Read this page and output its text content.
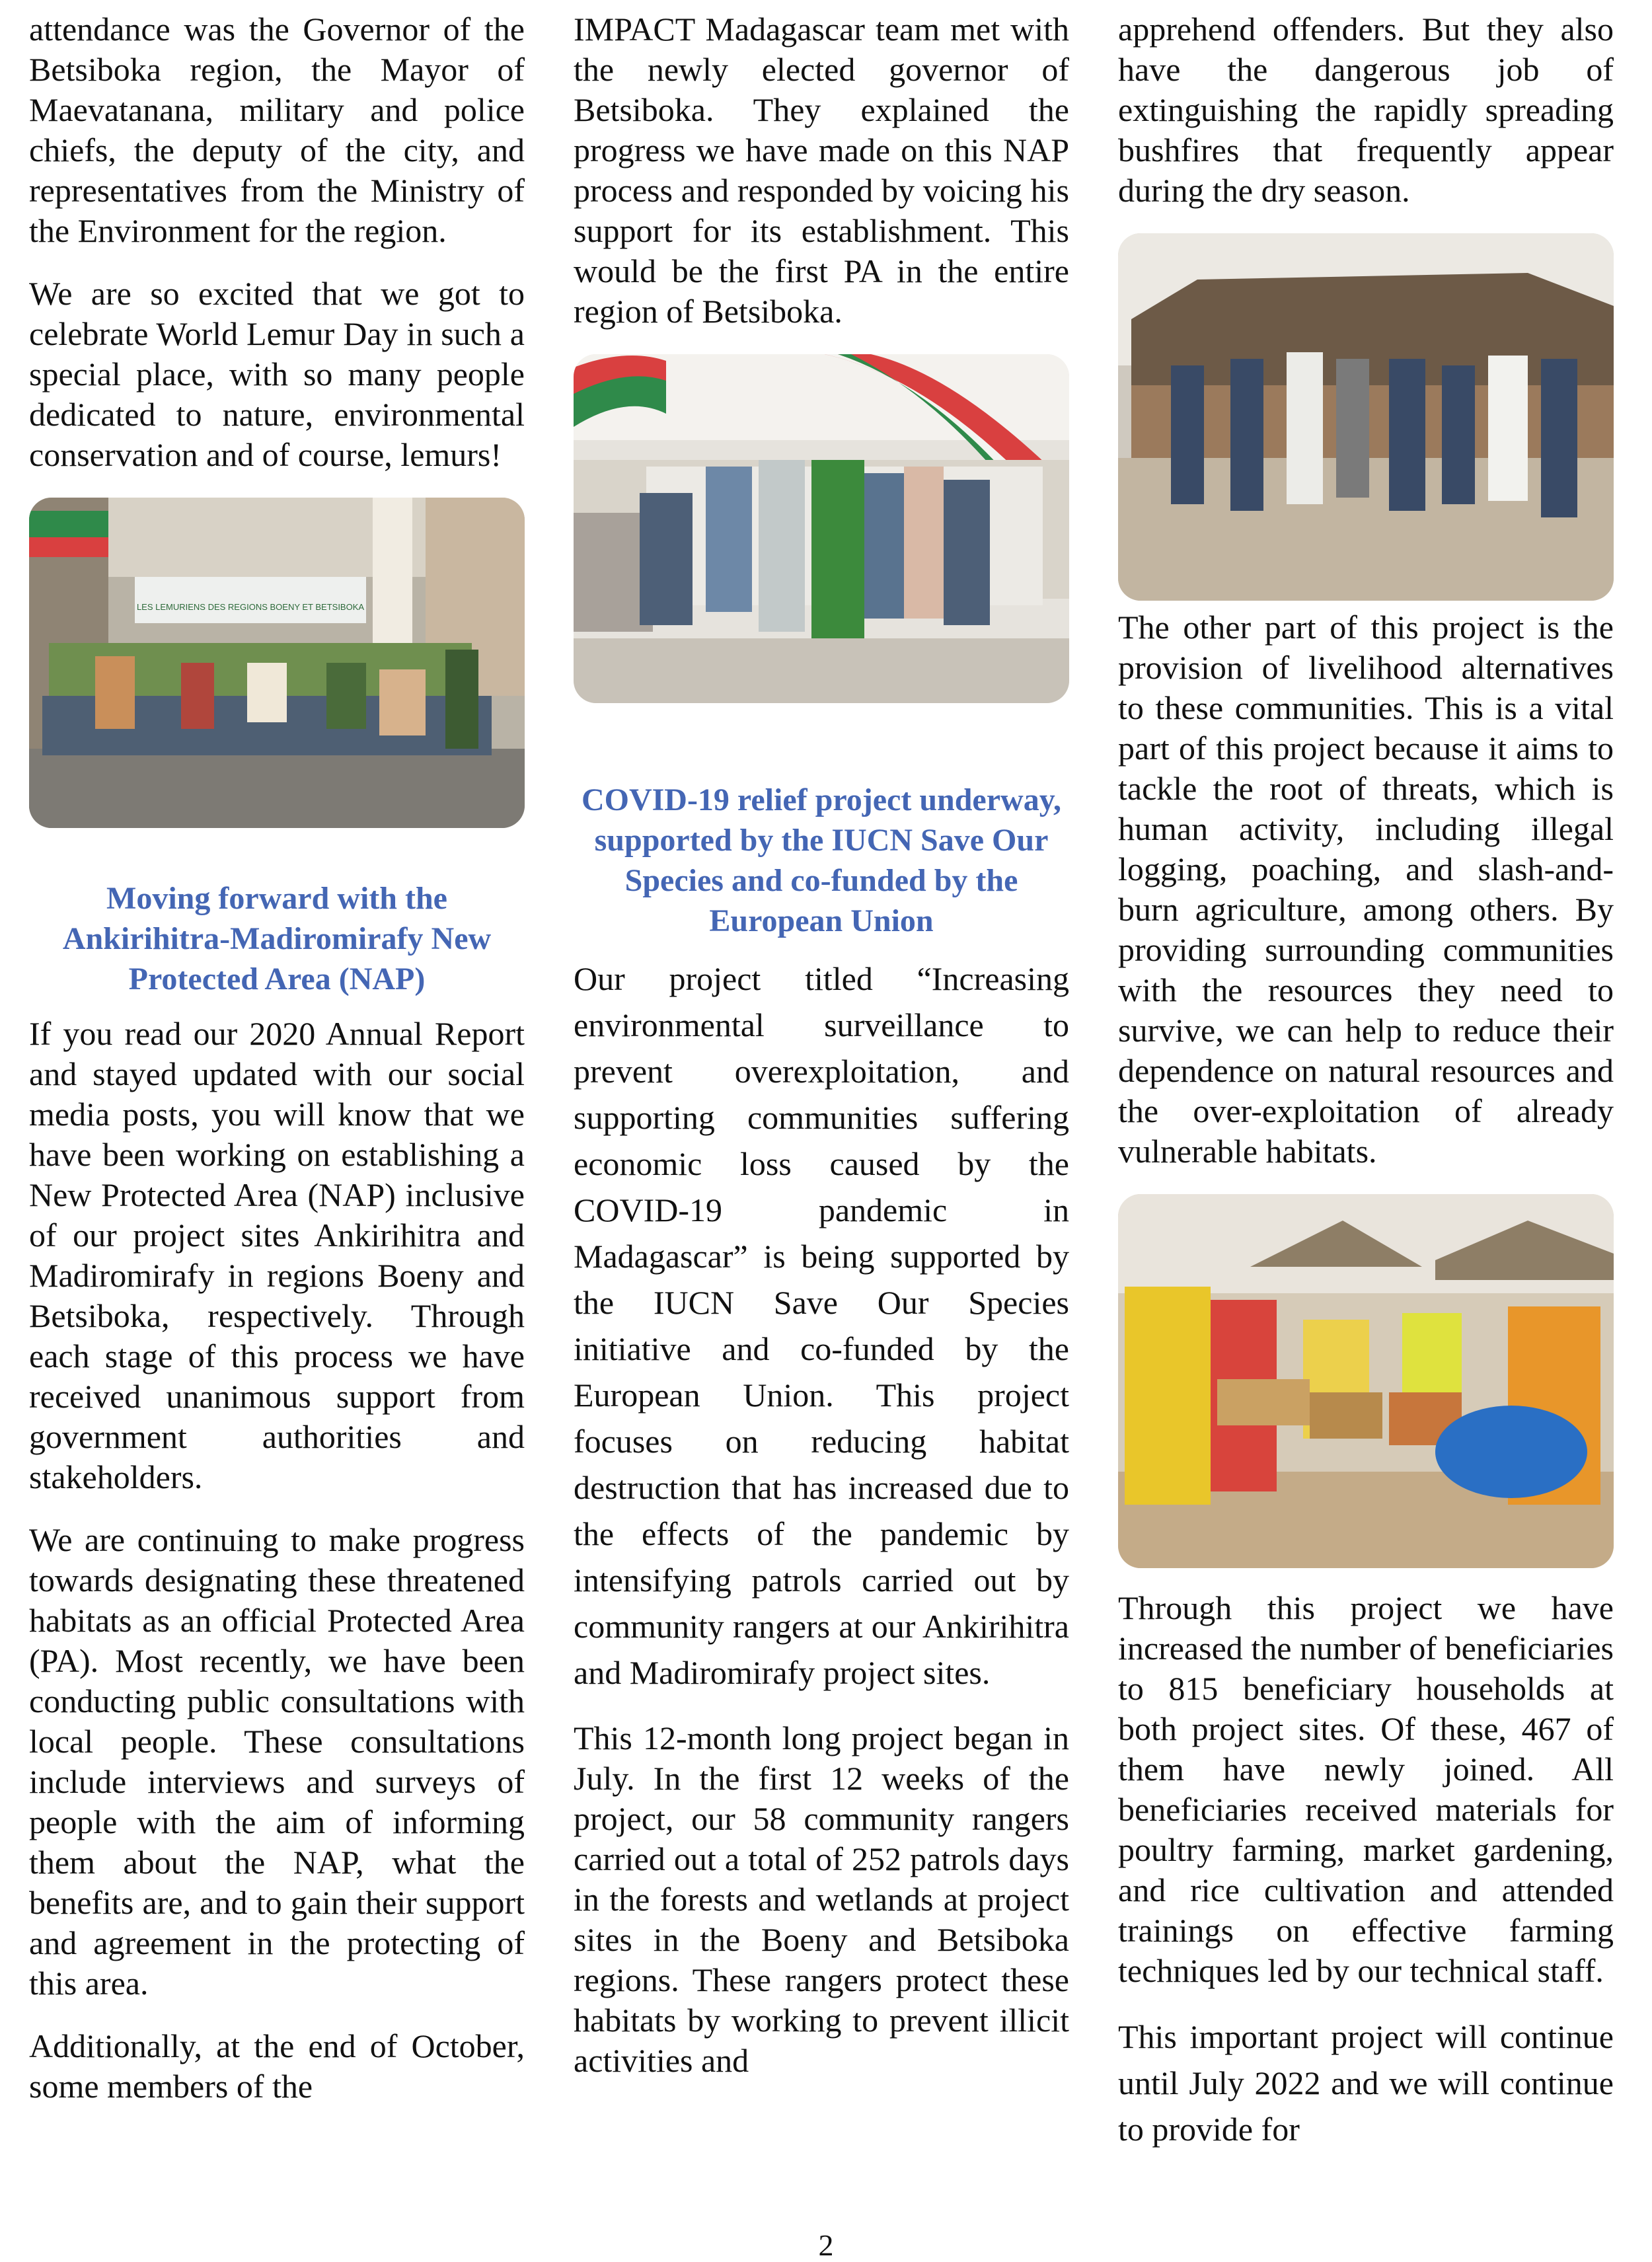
attendance was the Governor of the Betsiboka region, the Mayor of Maevatanana, military and police chiefs, the deputy of the city, and representatives from the Ministry of the Environment for the region.

We are so excited that we got to celebrate World Lemur Day in such a special place, with so many people dedicated to nature, environmental conservation and of course, lemurs!

LES LEMURIENS DES REGIONS BOENY ET BETSIBOKA
Moving forward with the Ankirihitra-Madiromirafy New Protected Area (NAP)

If you read our 2020 Annual Report and stayed updated with our social media posts, you will know that we have been working on establishing a New Protected Area (NAP) inclusive of our project sites Ankirihitra and Madiromirafy in regions Boeny and Betsiboka, respectively. Through each stage of this process we have received unanimous support from government authorities and stakeholders.

We are continuing to make progress towards designating these threatened habitats as an official Protected Area (PA). Most recently, we have been conducting public consultations with local people. These consultations include interviews and surveys of people with the aim of informing them about the NAP, what the benefits are, and to gain their support and agreement in the protecting of this area.

Additionally, at the end of October, some members of the

IMPACT Madagascar team met with the newly elected governor of Betsiboka. They explained the progress we have made on this NAP process and responded by voicing his support for its establishment. This would be the first PA in the entire region of Betsiboka.

COVID-19 relief project underway, supported by the IUCN Save Our Species and co-funded by the European Union

Our project titled “Increasing environmental surveillance to prevent overexploitation, and supporting communities suffering economic loss caused by the COVID-19 pandemic in Madagascar” is being supported by the IUCN Save Our Species initiative and co-funded by the European Union. This project focuses on reducing habitat destruction that has increased due to the effects of the pandemic by intensifying patrols carried out by community rangers at our Ankirihitra and Madiromirafy project sites.

This 12-month long project began in July. In the first 12 weeks of the project, our 58 community rangers carried out a total of 252 patrols days in the forests and wetlands at project sites in the Boeny and Betsiboka regions. These rangers protect these habitats by working to prevent illicit activities and

apprehend offenders. But they also have the dangerous job of extinguishing the rapidly spreading bushfires that frequently appear during the dry season.

The other part of this project is the provision of livelihood alternatives to these communities. This is a vital part of this project because it aims to tackle the root of threats, which is human activity, including illegal logging, poaching, and slash-and-burn agriculture, among others. By providing surrounding communities with the resources they need to survive, we can help to reduce their dependence on natural resources and the over-exploitation of already vulnerable habitats.

Through this project we have increased the number of beneficiaries to 815 beneficiary households at both project sites. Of these, 467 of them have newly joined. All beneficiaries received materials for poultry farming, market gardening, and rice cultivation and attended trainings on effective farming techniques led by our technical staff.

This important project will continue until July 2022 and we will continue to provide for

2
